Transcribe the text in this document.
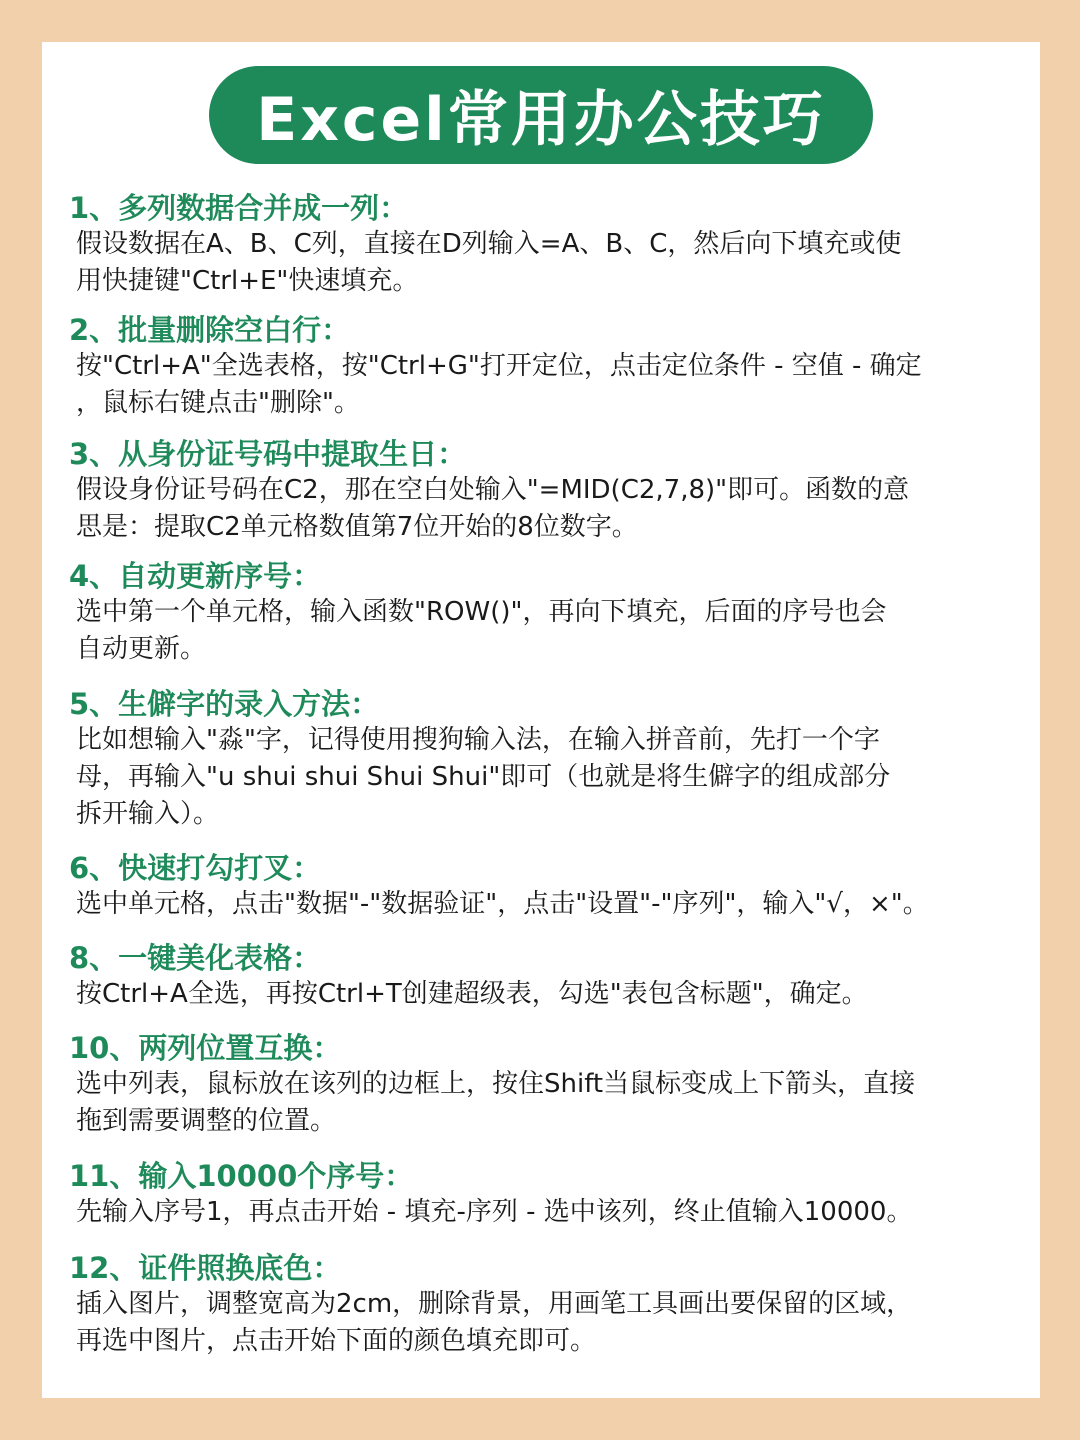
Excel常用办公技巧
1、多列数据合并成一列：
假设数据在A、B、C列，直接在D列输入=A、B、C，然后向下填充或使
用快捷键"Ctrl+E"快速填充。
2、批量删除空白行：
按"Ctrl+A"全选表格，按"Ctrl+G"打开定位，点击定位条件 - 空值 - 确定
，鼠标右键点击"删除"。
3、从身份证号码中提取生日：
假设身份证号码在C2，那在空白处输入"=MID(C2,7,8)"即可。函数的意
思是：提取C2单元格数值第7位开始的8位数字。
4、自动更新序号：
选中第一个单元格，输入函数"ROW()"，再向下填充，后面的序号也会
自动更新。
5、生僻字的录入方法：
比如想输入"淼"字，记得使用搜狗输入法，在输入拼音前，先打一个字
母，再输入"u shui shui Shui Shui"即可（也就是将生僻字的组成部分
拆开输入）。
6、快速打勾打叉：
选中单元格，点击"数据"-"数据验证"，点击"设置"-"序列"，输入"√，×"。
8、一键美化表格：
按Ctrl+A全选，再按Ctrl+T创建超级表，勾选"表包含标题"，确定。
10、两列位置互换：
选中列表，鼠标放在该列的边框上，按住Shift当鼠标变成上下箭头，直接
拖到需要调整的位置。
11、输入10000个序号：
先输入序号1，再点击开始 - 填充-序列 - 选中该列，终止值输入10000。
12、证件照换底色：
插入图片，调整宽高为2cm，删除背景，用画笔工具画出要保留的区域，
再选中图片，点击开始下面的颜色填充即可。
